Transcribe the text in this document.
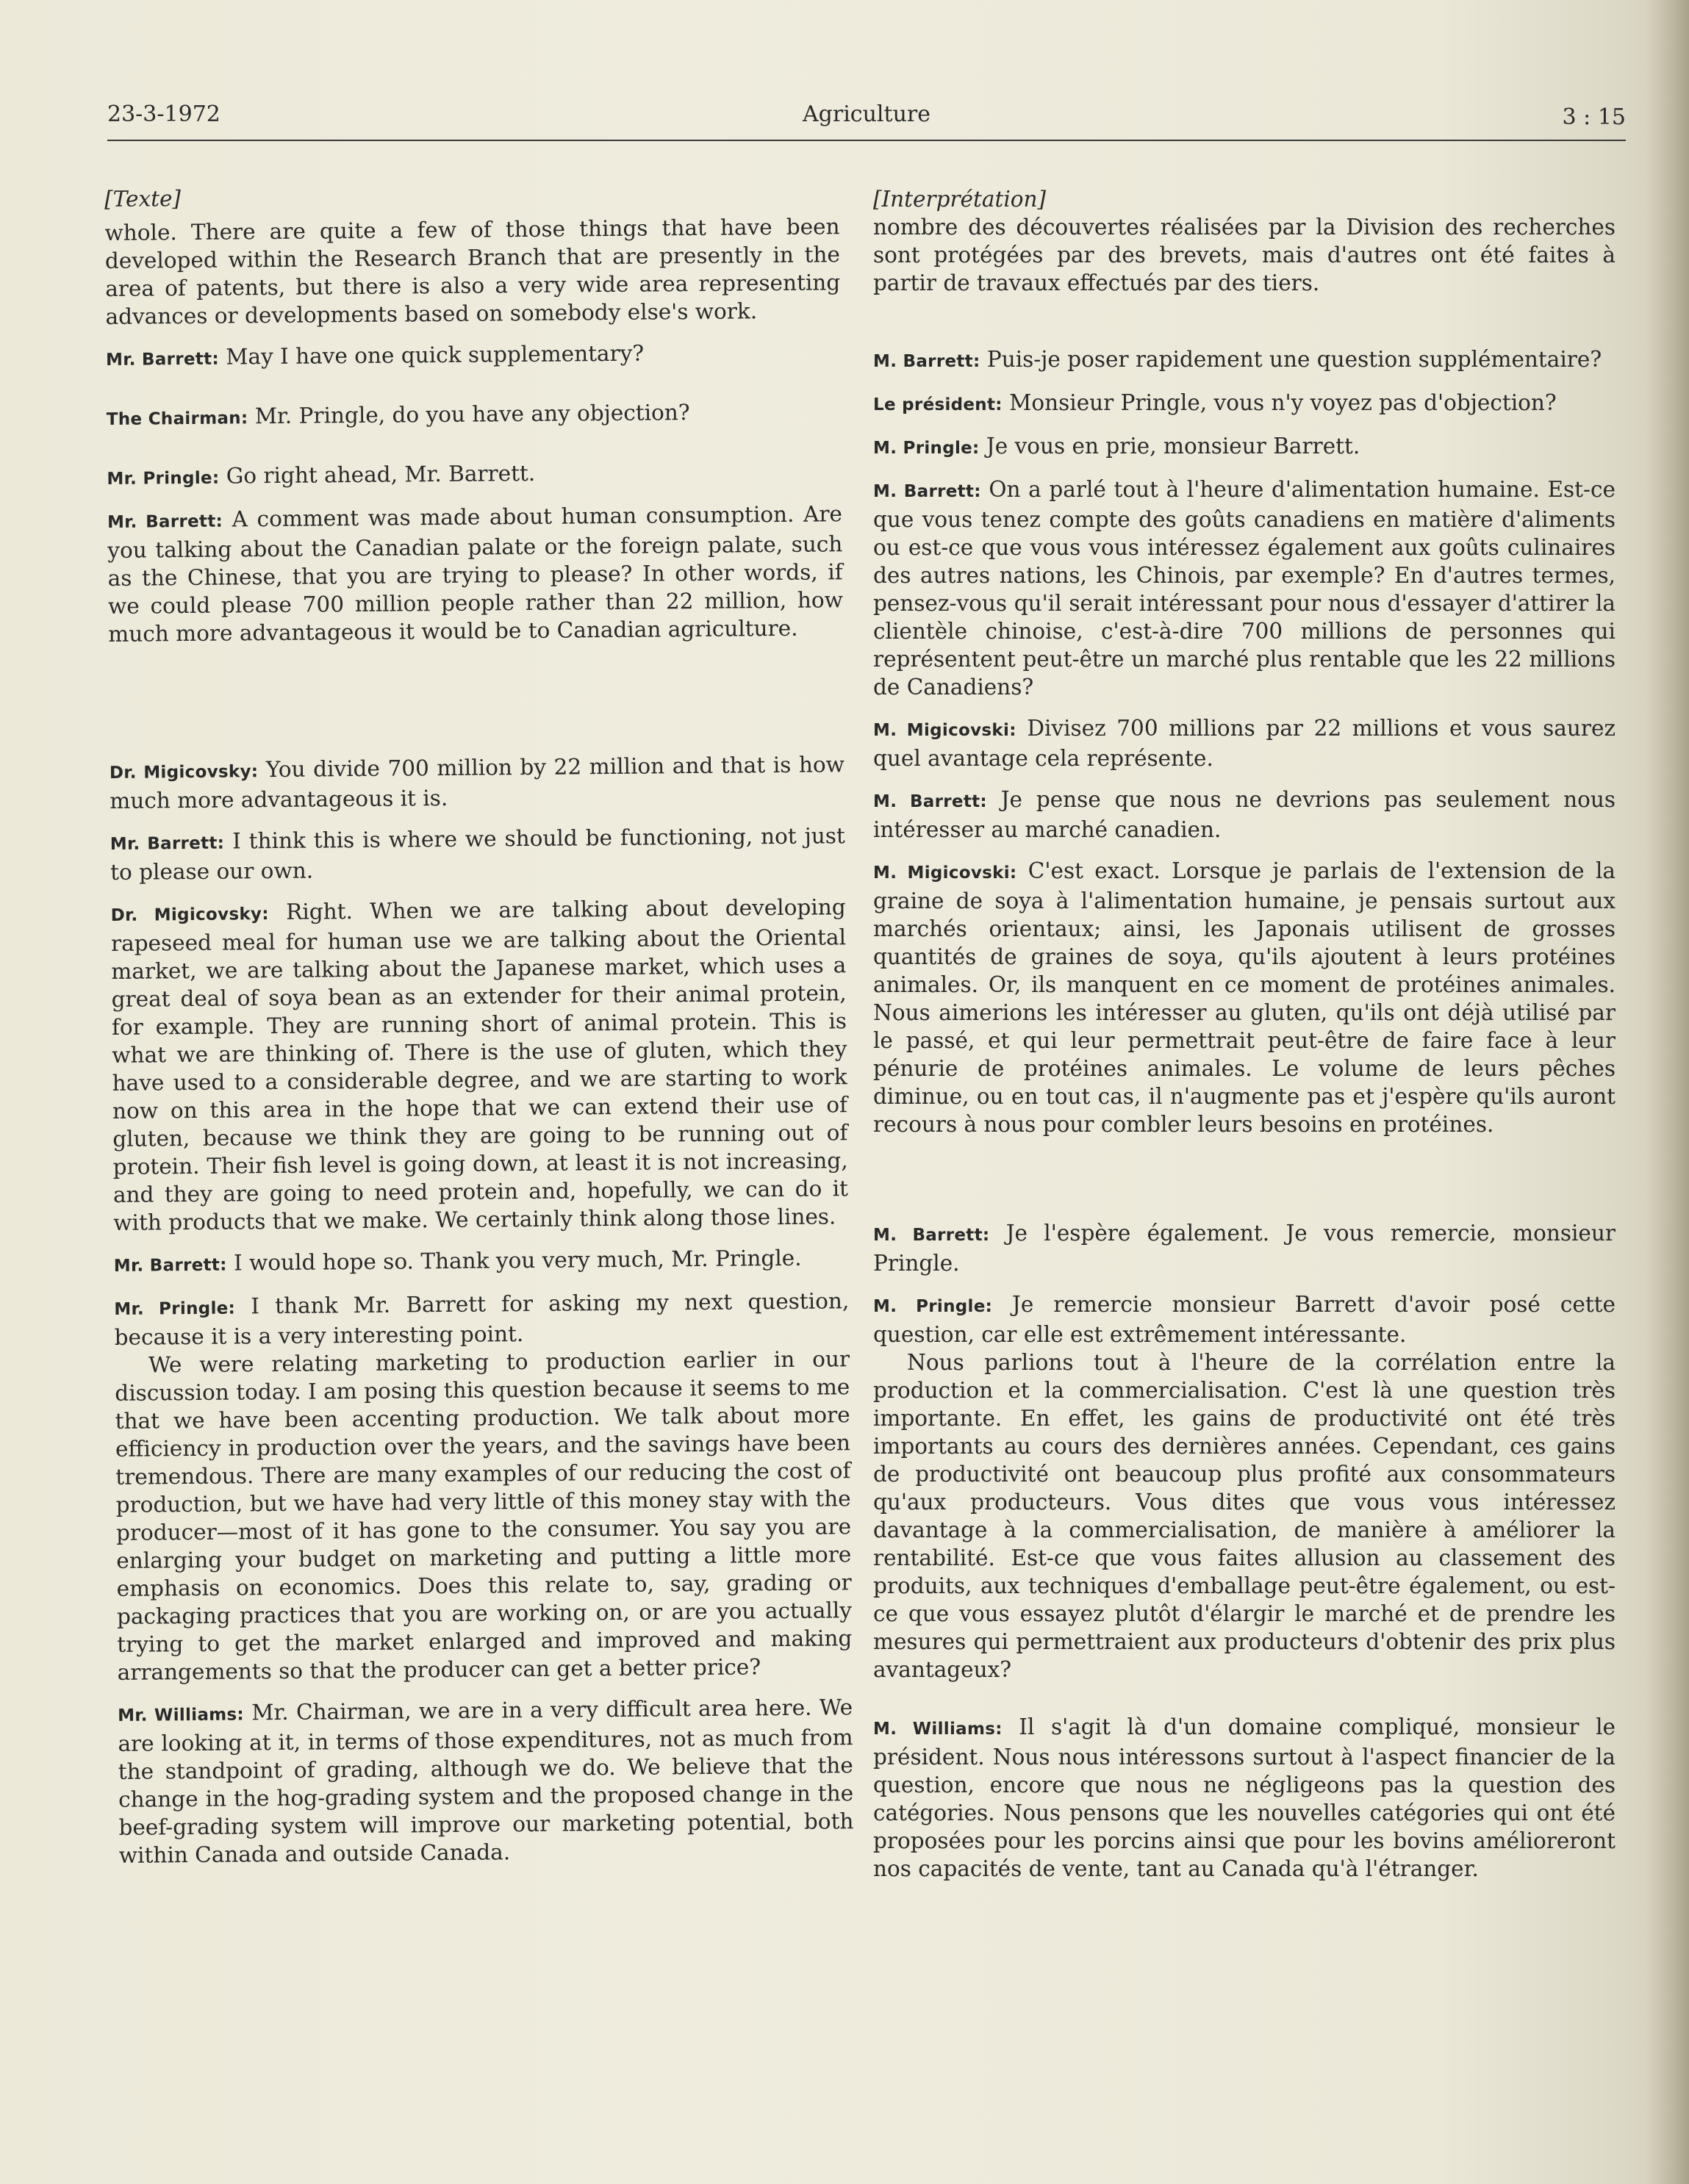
23-3-1972	Agriculture	3 : 15
[Texte]

whole. There are quite a few of those things that have been developed within the Research Branch that are presently in the area of patents, but there is also a very wide area representing advances or developments based on somebody else's work.

Mr. Barrett: May I have one quick supplementary?

The Chairman: Mr. Pringle, do you have any objection?

Mr. Pringle: Go right ahead, Mr. Barrett.

Mr. Barrett: A comment was made about human consumption. Are you talking about the Canadian palate or the foreign palate, such as the Chinese, that you are trying to please? In other words, if we could please 700 million people rather than 22 million, how much more advantageous it would be to Canadian agriculture.

Dr. Migicovsky: You divide 700 million by 22 million and that is how much more advantageous it is.

Mr. Barrett: I think this is where we should be functioning, not just to please our own.

Dr. Migicovsky: Right. When we are talking about developing rapeseed meal for human use we are talking about the Oriental market, we are talking about the Japanese market, which uses a great deal of soya bean as an extender for their animal protein, for example. They are running short of animal protein. This is what we are thinking of. There is the use of gluten, which they have used to a considerable degree, and we are starting to work now on this area in the hope that we can extend their use of gluten, because we think they are going to be running out of protein. Their fish level is going down, at least it is not increasing, and they are going to need protein and, hopefully, we can do it with products that we make. We certainly think along those lines.

Mr. Barrett: I would hope so. Thank you very much, Mr. Pringle.

Mr. Pringle: I thank Mr. Barrett for asking my next question, because it is a very interesting point.

We were relating marketing to production earlier in our discussion today. I am posing this question because it seems to me that we have been accenting production. We talk about more efficiency in production over the years, and the savings have been tremendous. There are many examples of our reducing the cost of production, but we have had very little of this money stay with the producer—most of it has gone to the consumer. You say you are enlarging your budget on marketing and putting a little more emphasis on economics. Does this relate to, say, grading or packaging practices that you are working on, or are you actually trying to get the market enlarged and improved and making arrangements so that the producer can get a better price?

Mr. Williams: Mr. Chairman, we are in a very difficult area here. We are looking at it, in terms of those expenditures, not as much from the standpoint of grading, although we do. We believe that the change in the hog-grading system and the proposed change in the beef-grading system will improve our marketing potential, both within Canada and outside Canada.

[Interprétation]

nombre des découvertes réalisées par la Division des recherches sont protégées par des brevets, mais d'autres ont été faites à partir de travaux effectués par des tiers.

M. Barrett: Puis-je poser rapidement une question supplémentaire?

Le président: Monsieur Pringle, vous n'y voyez pas d'objection?

M. Pringle: Je vous en prie, monsieur Barrett.

M. Barrett: On a parlé tout à l'heure d'alimentation humaine. Est-ce que vous tenez compte des goûts canadiens en matière d'aliments ou est-ce que vous vous intéressez également aux goûts culinaires des autres nations, les Chinois, par exemple? En d'autres termes, pensez-vous qu'il serait intéressant pour nous d'essayer d'attirer la clientèle chinoise, c'est-à-dire 700 millions de personnes qui représentent peut-être un marché plus rentable que les 22 millions de Canadiens?

M. Migicovski: Divisez 700 millions par 22 millions et vous saurez quel avantage cela représente.

M. Barrett: Je pense que nous ne devrions pas seulement nous intéresser au marché canadien.

M. Migicovski: C'est exact. Lorsque je parlais de l'extension de la graine de soya à l'alimentation humaine, je pensais surtout aux marchés orientaux; ainsi, les Japonais utilisent de grosses quantités de graines de soya, qu'ils ajoutent à leurs protéines animales. Or, ils manquent en ce moment de protéines animales. Nous aimerions les intéresser au gluten, qu'ils ont déjà utilisé par le passé, et qui leur permettrait peut-être de faire face à leur pénurie de protéines animales. Le volume de leurs pêches diminue, ou en tout cas, il n'augmente pas et j'espère qu'ils auront recours à nous pour combler leurs besoins en protéines.

M. Barrett: Je l'espère également. Je vous remercie, monsieur Pringle.

M. Pringle: Je remercie monsieur Barrett d'avoir posé cette question, car elle est extrêmement intéressante.

Nous parlions tout à l'heure de la corrélation entre la production et la commercialisation. C'est là une question très importante. En effet, les gains de productivité ont été très importants au cours des dernières années. Cependant, ces gains de productivité ont beaucoup plus profité aux consommateurs qu'aux producteurs. Vous dites que vous vous intéressez davantage à la commercialisation, de manière à améliorer la rentabilité. Est-ce que vous faites allusion au classement des produits, aux techniques d'emballage peut-être également, ou est-ce que vous essayez plutôt d'élargir le marché et de prendre les mesures qui permettraient aux producteurs d'obtenir des prix plus avantageux?

M. Williams: Il s'agit là d'un domaine compliqué, monsieur le président. Nous nous intéressons surtout à l'aspect financier de la question, encore que nous ne négligeons pas la question des catégories. Nous pensons que les nouvelles catégories qui ont été proposées pour les porcins ainsi que pour les bovins amélioreront nos capacités de vente, tant au Canada qu'à l'étranger.
